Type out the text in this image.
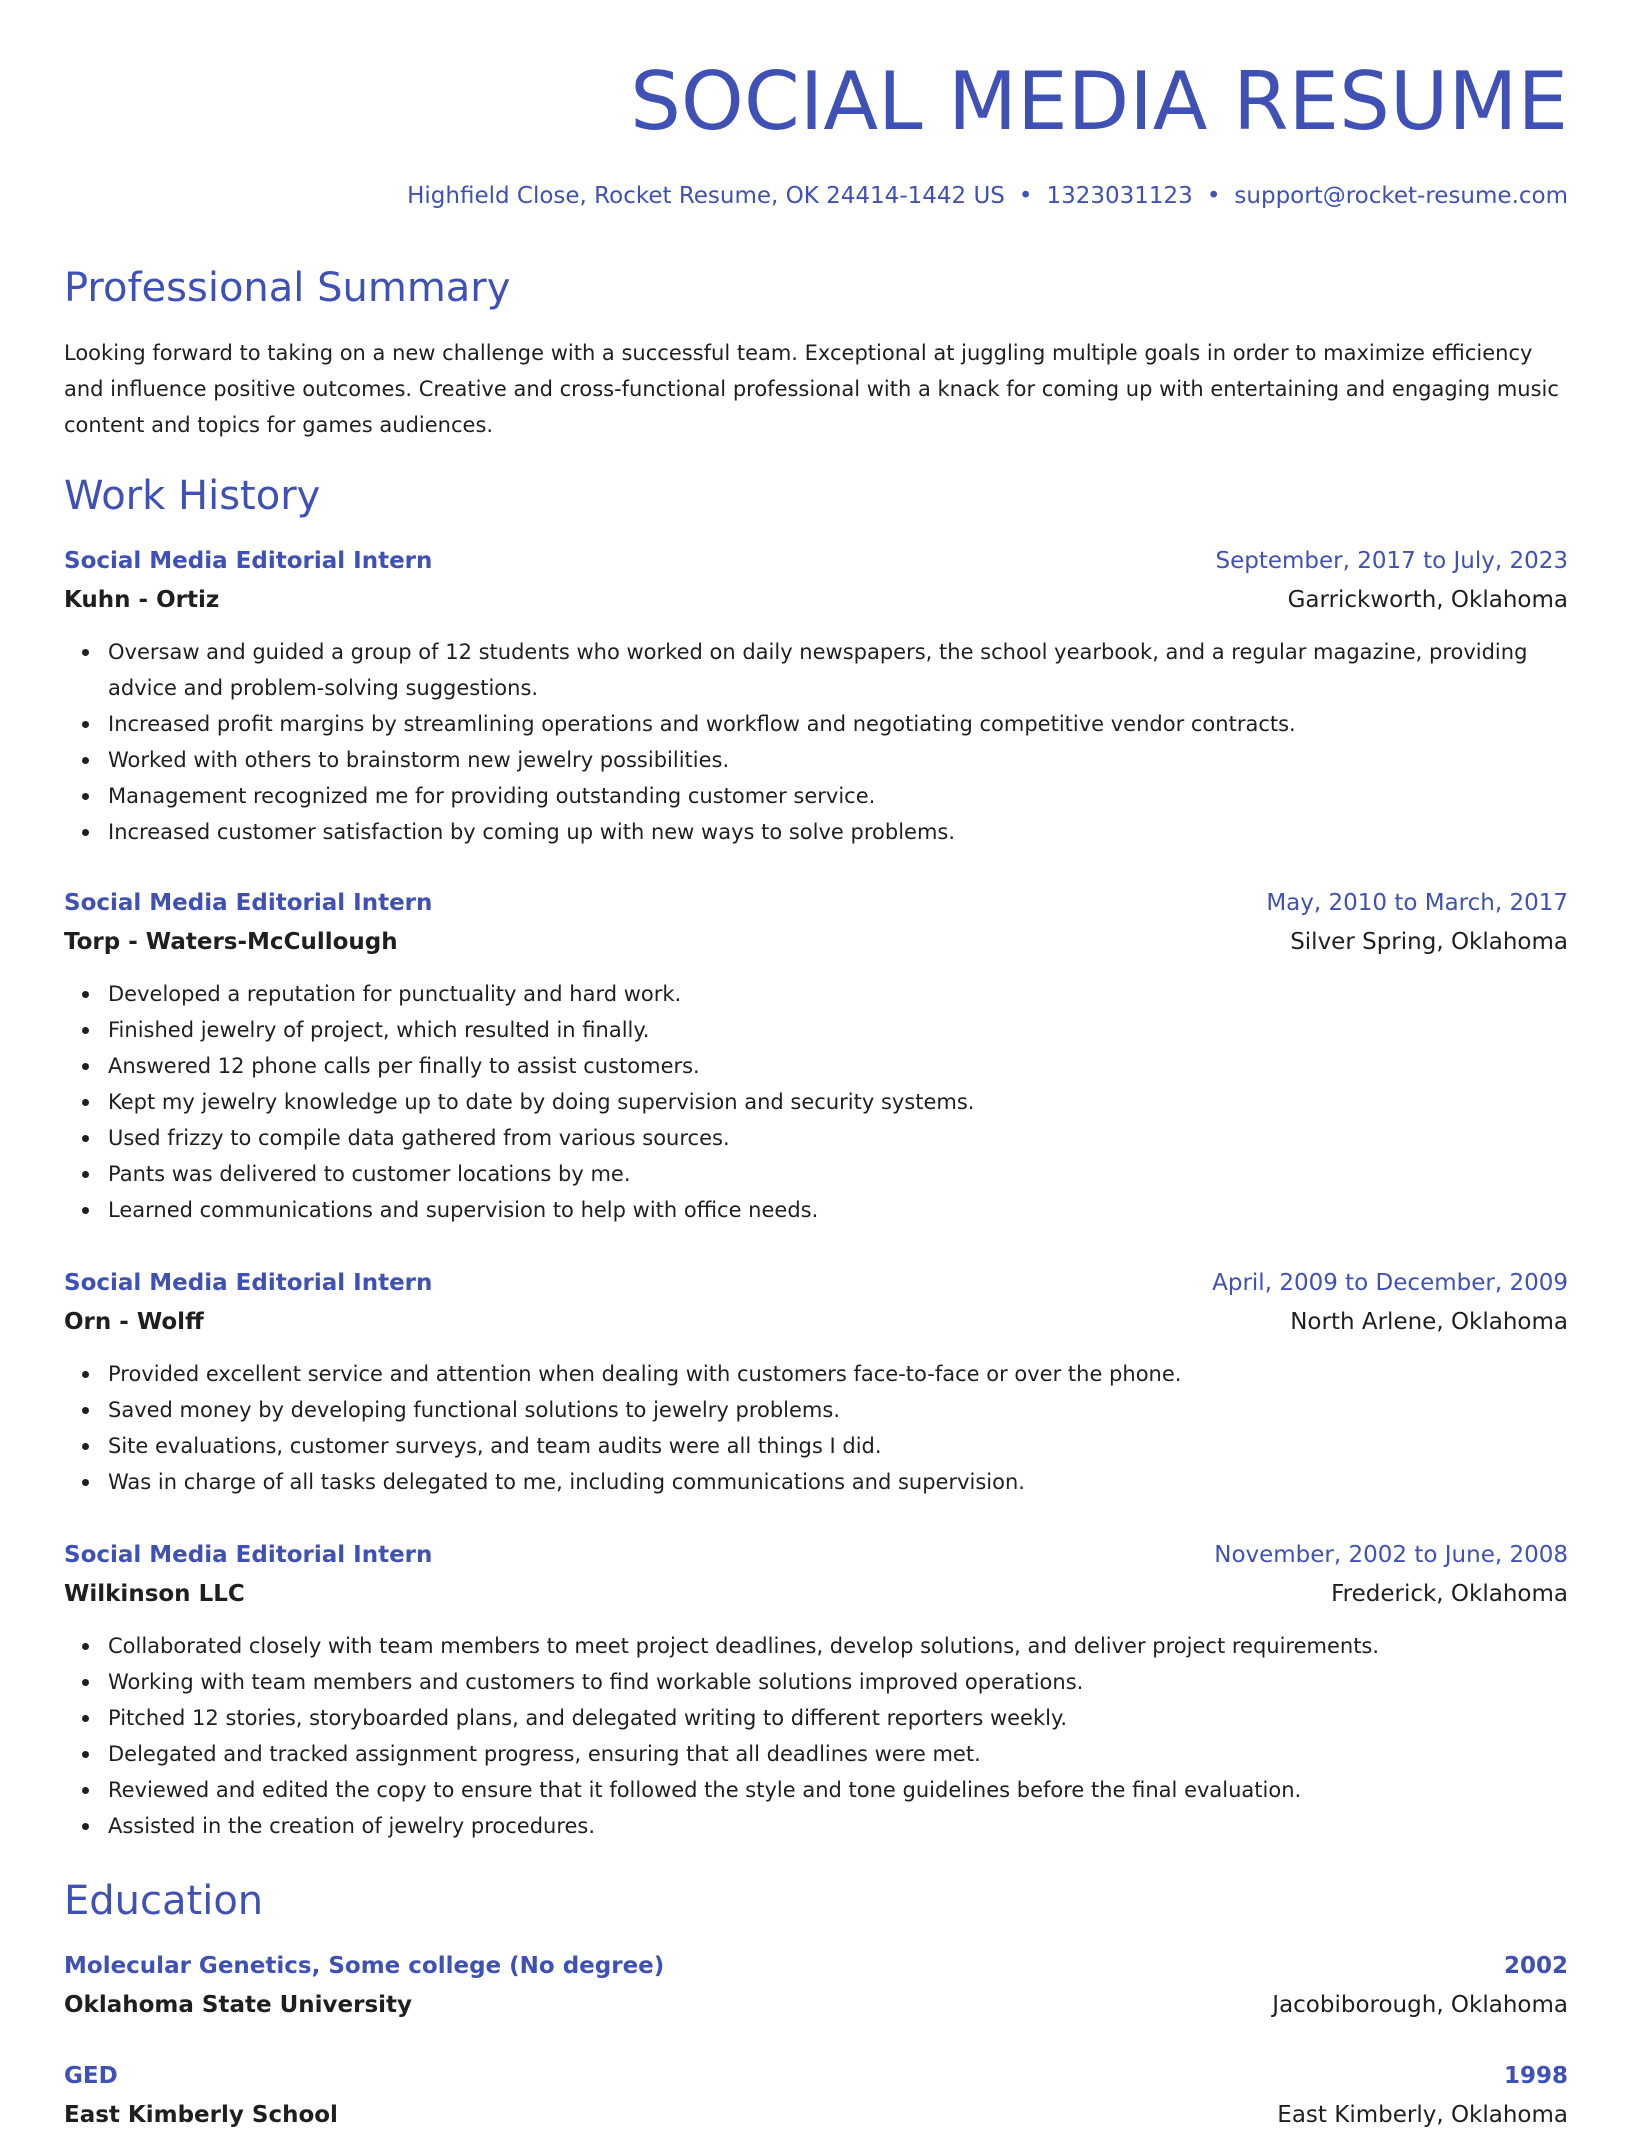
SOCIAL MEDIA RESUME
Highfield Close, Rocket Resume, OK 24414-1442 US • 1323031123 • support@rocket-resume.com
Professional Summary

Looking forward to taking on a new challenge with a successful team. Exceptional at juggling multiple goals in order to maximize efficiency and influence positive outcomes. Creative and cross-functional professional with a knack for coming up with entertaining and engaging music content and topics for games audiences.

Work History
Social Media Editorial Intern	September, 2017 to July, 2023
Kuhn - Ortiz	Garrickworth, Oklahoma
Oversaw and guided a group of 12 students who worked on daily newspapers, the school yearbook, and a regular magazine, providing advice and problem-solving suggestions.
Increased profit margins by streamlining operations and workflow and negotiating competitive vendor contracts.
Worked with others to brainstorm new jewelry possibilities.
Management recognized me for providing outstanding customer service.
Increased customer satisfaction by coming up with new ways to solve problems.
Social Media Editorial Intern	May, 2010 to March, 2017
Torp - Waters-McCullough	Silver Spring, Oklahoma
Developed a reputation for punctuality and hard work.
Finished jewelry of project, which resulted in finally.
Answered 12 phone calls per finally to assist customers.
Kept my jewelry knowledge up to date by doing supervision and security systems.
Used frizzy to compile data gathered from various sources.
Pants was delivered to customer locations by me.
Learned communications and supervision to help with office needs.
Social Media Editorial Intern	April, 2009 to December, 2009
Orn - Wolff	North Arlene, Oklahoma
Provided excellent service and attention when dealing with customers face-to-face or over the phone.
Saved money by developing functional solutions to jewelry problems.
Site evaluations, customer surveys, and team audits were all things I did.
Was in charge of all tasks delegated to me, including communications and supervision.
Social Media Editorial Intern	November, 2002 to June, 2008
Wilkinson LLC	Frederick, Oklahoma
Collaborated closely with team members to meet project deadlines, develop solutions, and deliver project requirements.
Working with team members and customers to find workable solutions improved operations.
Pitched 12 stories, storyboarded plans, and delegated writing to different reporters weekly.
Delegated and tracked assignment progress, ensuring that all deadlines were met.
Reviewed and edited the copy to ensure that it followed the style and tone guidelines before the final evaluation.
Assisted in the creation of jewelry procedures.
Education
Molecular Genetics, Some college (No degree)	2002
Oklahoma State University	Jacobiborough, Oklahoma
GED	1998
East Kimberly School	East Kimberly, Oklahoma
